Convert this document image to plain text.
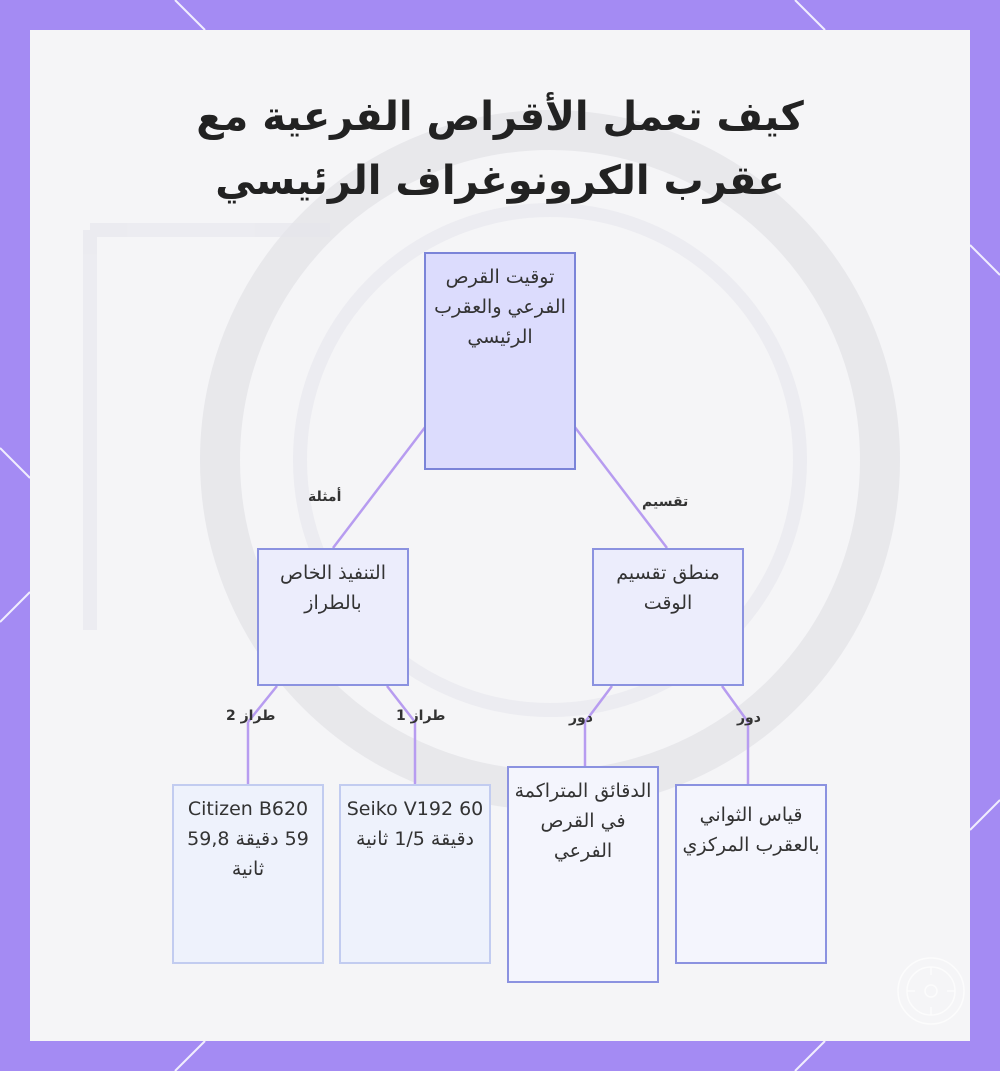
كيف تعمل الأقراص الفرعية مع
عقرب الكرونوغراف الرئيسي
توقيت القرص الفرعي والعقرب الرئيسي
أمثلة	تقسيم
التنفيذ الخاص بالطراز
منطق تقسيم الوقت
طراز 2	طراز 1	دور	دور
Citizen B620 59 دقيقة 59,8 ثانية
Seiko V192 60 دقيقة 1/5 ثانية
الدقائق المتراكمة في القرص الفرعي
قياس الثواني بالعقرب المركزي
